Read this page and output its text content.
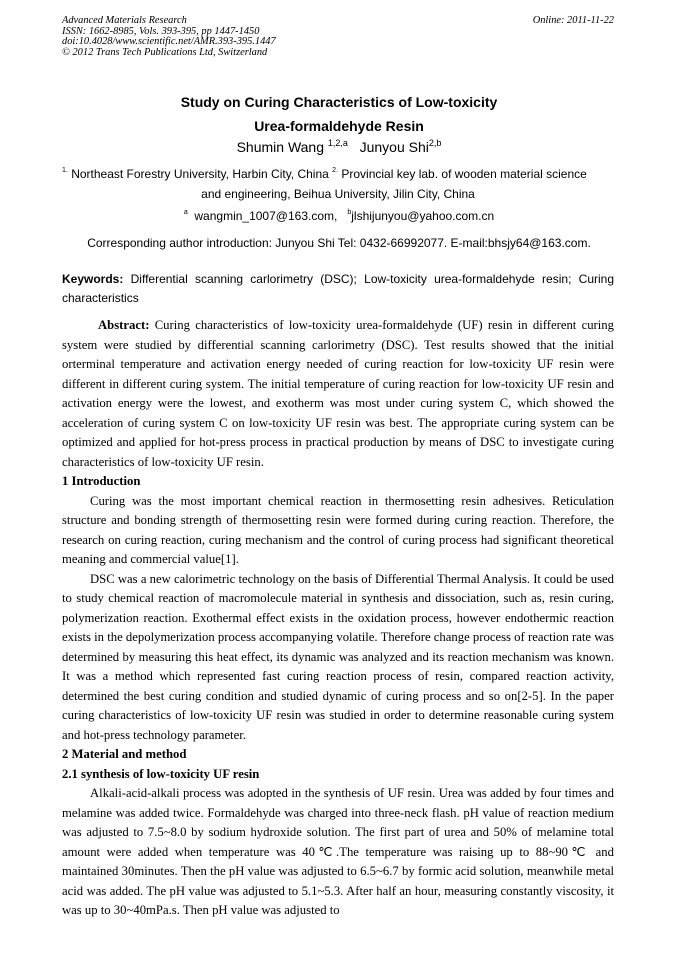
Advanced Materials Research
ISSN: 1662-8985, Vols. 393-395, pp 1447-1450
doi:10.4028/www.scientific.net/AMR.393-395.1447
© 2012 Trans Tech Publications Ltd, Switzerland
Online: 2011-11-22
Study on Curing Characteristics of Low-toxicity
Urea-formaldehyde Resin
Shumin Wang $^{1,2,a}$ Junyou Shi$^{2,b}$
$^{1.}$ Northeast Forestry University, Harbin City, China $^{2.}$ Provincial key lab. of wooden material science
and engineering, Beihua University, Jilin City, China
$^a$ wangmin_1007@163.com, $^b$jlshijunyou@yahoo.com.cn
Corresponding author introduction: Junyou Shi Tel: 0432-66992077. E-mail:bhsjy64@163.com.
Keywords: Differential scanning carlorimetry (DSC); Low-toxicity urea-formaldehyde resin; Curing characteristics

Abstract: Curing characteristics of low-toxicity urea-formaldehyde (UF) resin in different curing system were studied by differential scanning carlorimetry (DSC). Test results showed that the initial orterminal temperature and activation energy needed of curing reaction for low-toxicity UF resin were different in different curing system. The initial temperature of curing reaction for low-toxicity UF resin and activation energy were the lowest, and exotherm was most under curing system C, which showed the acceleration of curing system C on low-toxicity UF resin was best. The appropriate curing system can be optimized and applied for hot-press process in practical production by means of DSC to investigate curing characteristics of low-toxicity UF resin.

1 Introduction

Curing was the most important chemical reaction in thermosetting resin adhesives. Reticulation structure and bonding strength of thermosetting resin were formed during curing reaction. Therefore, the research on curing reaction, curing mechanism and the control of curing process had significant theoretical meaning and commercial value[1].

DSC was a new calorimetric technology on the basis of Differential Thermal Analysis. It could be used to study chemical reaction of macromolecule material in synthesis and dissociation, such as, resin curing, polymerization reaction. Exothermal effect exists in the oxidation process, however endothermic reaction exists in the depolymerization process accompanying volatile. Therefore change process of reaction rate was determined by measuring this heat effect, its dynamic was analyzed and its reaction mechanism was known. It was a method which represented fast curing reaction process of resin, compared reaction activity, determined the best curing condition and studied dynamic of curing process and so on[2-5]. In the paper curing characteristics of low-toxicity UF resin was studied in order to determine reasonable curing system and hot-press technology parameter.

2 Material and method
2.1 synthesis of low-toxicity UF resin

Alkali-acid-alkali process was adopted in the synthesis of UF resin. Urea was added by four times and melamine was added twice. Formaldehyde was charged into three-neck flash. pH value of reaction medium was adjusted to 7.5~8.0 by sodium hydroxide solution. The first part of urea and 50% of melamine total amount were added when temperature was 40℃.The temperature was raising up to 88~90℃ and maintained 30minutes. Then the pH value was adjusted to 6.5~6.7 by formic acid solution, meanwhile metal acid was added. The pH value was adjusted to 5.1~5.3. After half an hour, measuring constantly viscosity, it was up to 30~40mPa.s. Then pH value was adjusted to
